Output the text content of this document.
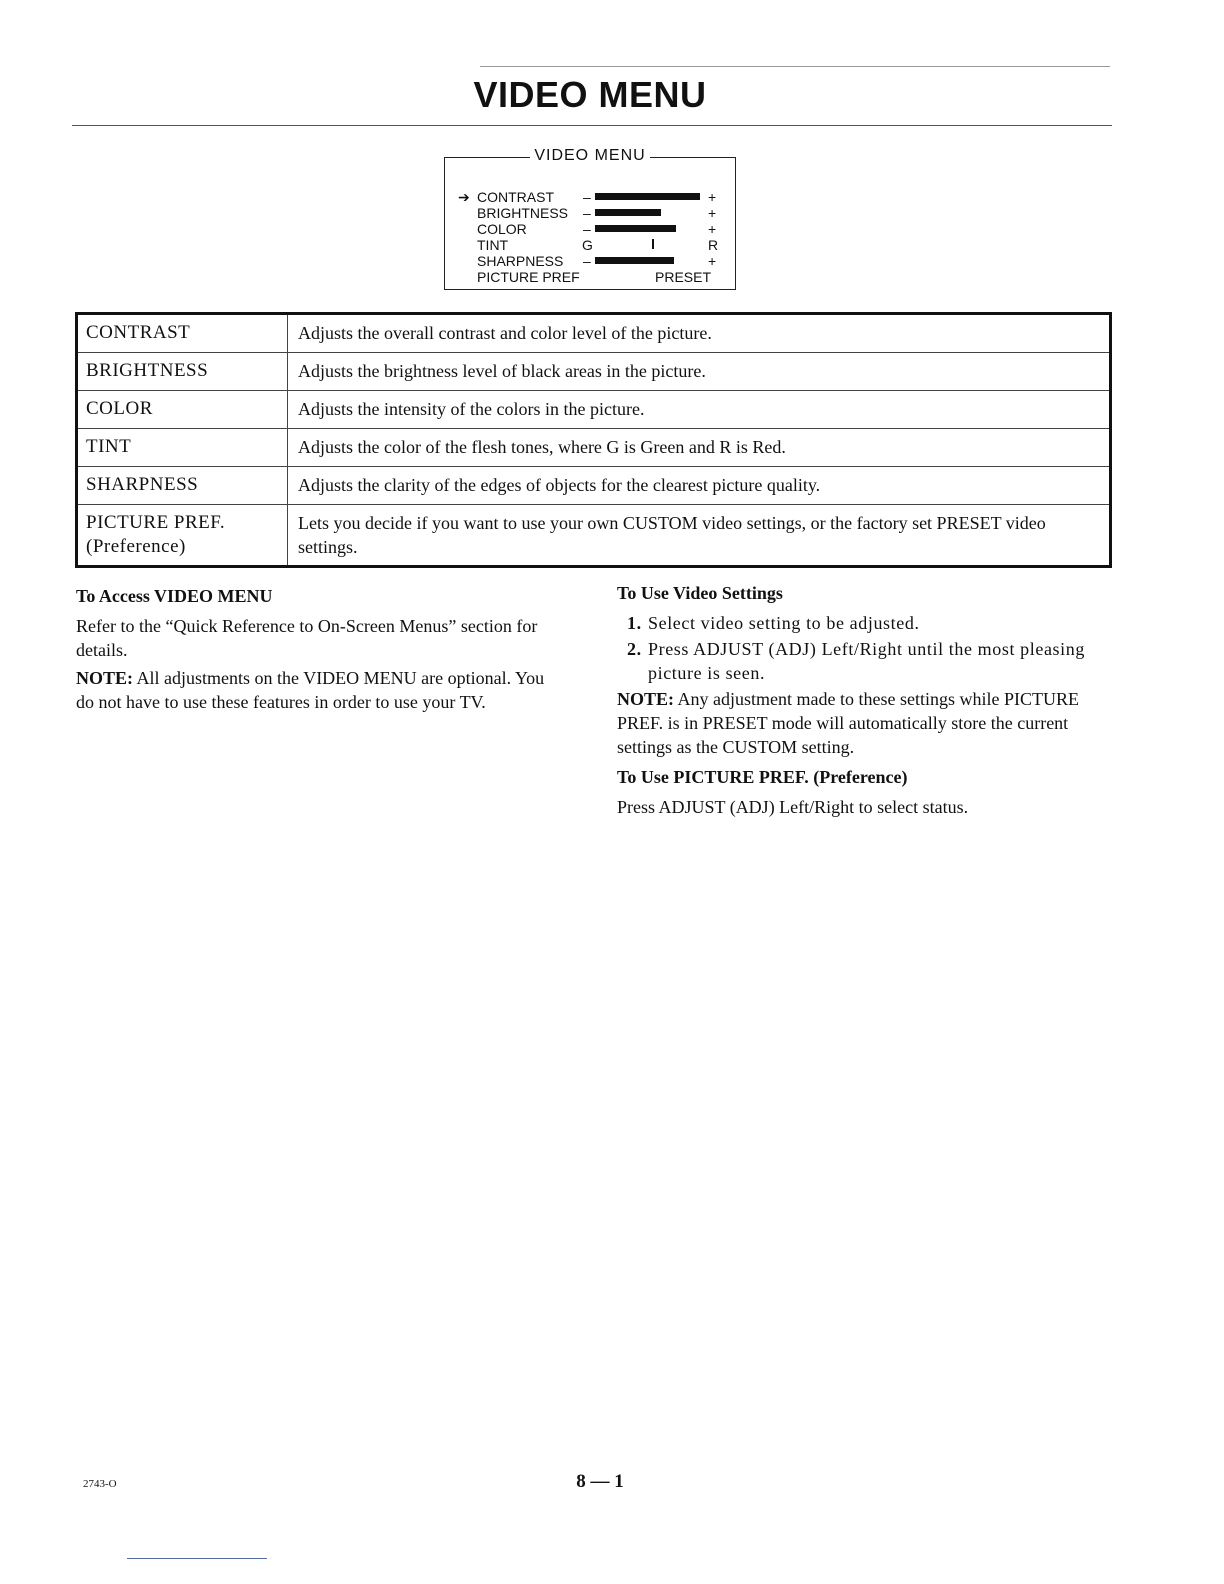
VIDEO MENU
VIDEO MENU
➔ CONTRAST –	+
BRIGHTNESS –	+
COLOR	–	+
TINT	G	R
SHARPNESS –	+
PICTURE PREF	PRESET
CONTRAST	Adjusts the overall contrast and color level of the picture.
BRIGHTNESS	Adjusts the brightness level of black areas in the picture.
COLOR	Adjusts the intensity of the colors in the picture.
TINT	Adjusts the color of the flesh tones, where G is Green and R is Red.
SHARPNESS	Adjusts the clarity of the edges of objects for the clearest picture quality.
PICTURE PREF.
(Preference)
Lets you decide if you want to use your own CUSTOM video settings, or the factory set PRESET video settings.
To Access VIDEO MENU
Refer to the “Quick Reference to On-Screen Menus” section for details.
NOTE: All adjustments on the VIDEO MENU are optional. You do not have to use these features in order to use your TV.
To Use Video Settings
1. Select video setting to be adjusted.
2. Press ADJUST (ADJ) Left/Right until the most pleasing picture is seen.
NOTE: Any adjustment made to these settings while PICTURE PREF. is in PRESET mode will automatically store the current settings as the CUSTOM setting.
To Use PICTURE PREF. (Preference)
Press ADJUST (ADJ) Left/Right to select status.
2743-O	8 — 1
